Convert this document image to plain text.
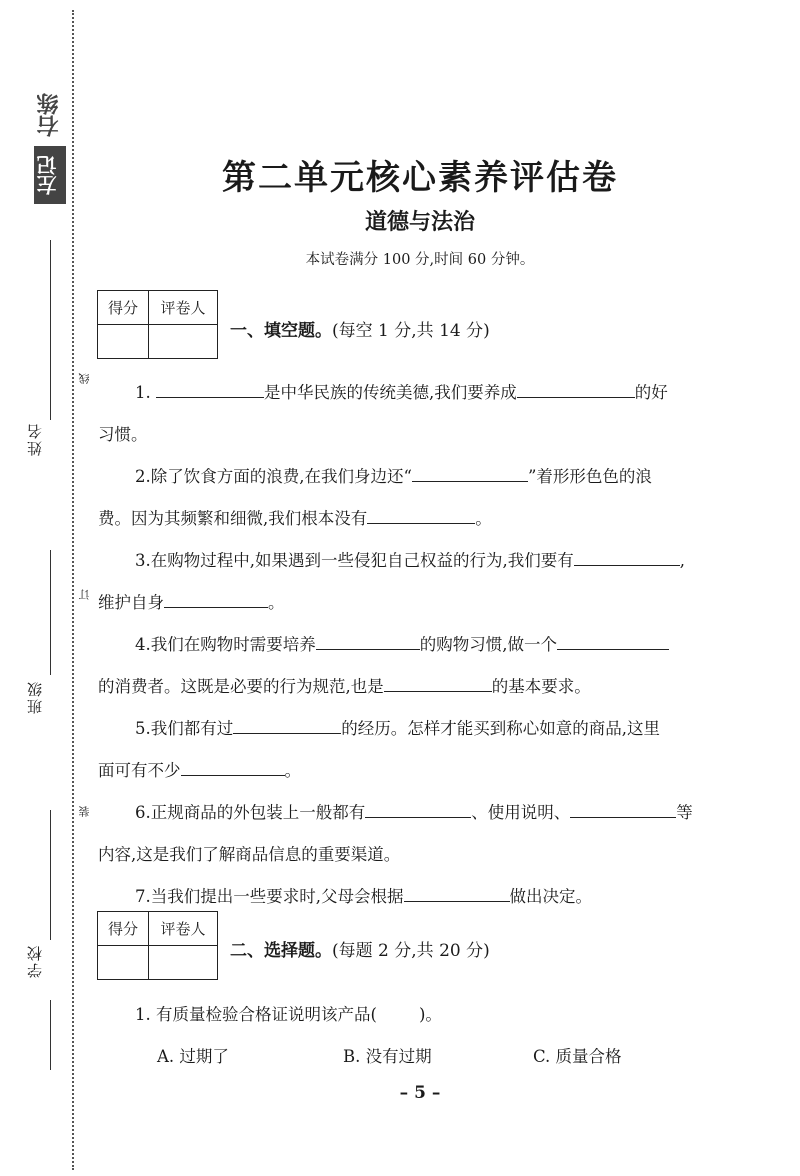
右练
左记
姓名
班级
学校
线
订
装
第二单元核心素养评估卷
道德与法治
本试卷满分 100 分,时间 60 分钟。
得分	评卷人

一、填空题。(每空 1 分,共 14 分)
1.	是中华民族的传统美德,我们要养成	的好
习惯。
2.除了饮食方面的浪费,在我们身边还“	”着形形色色的浪
费。因为其频繁和细微,我们根本没有	。
3.在购物过程中,如果遇到一些侵犯自己权益的行为,我们要有	,
维护自身	。
4.我们在购物时需要培养	的购物习惯,做一个
的消费者。这既是必要的行为规范,也是	的基本要求。
5.我们都有过	的经历。怎样才能买到称心如意的商品,这里
面可有不少	。
6.正规商品的外包装上一般都有	、使用说明、	等
内容,这是我们了解商品信息的重要渠道。
7.当我们提出一些要求时,父母会根据	做出决定。
得分	评卷人

二、选择题。(每题 2 分,共 20 分)
1. 有质量检验合格证说明该产品(	)。
A. 过期了	B. 没有过期	C. 质量合格
– 5 –
